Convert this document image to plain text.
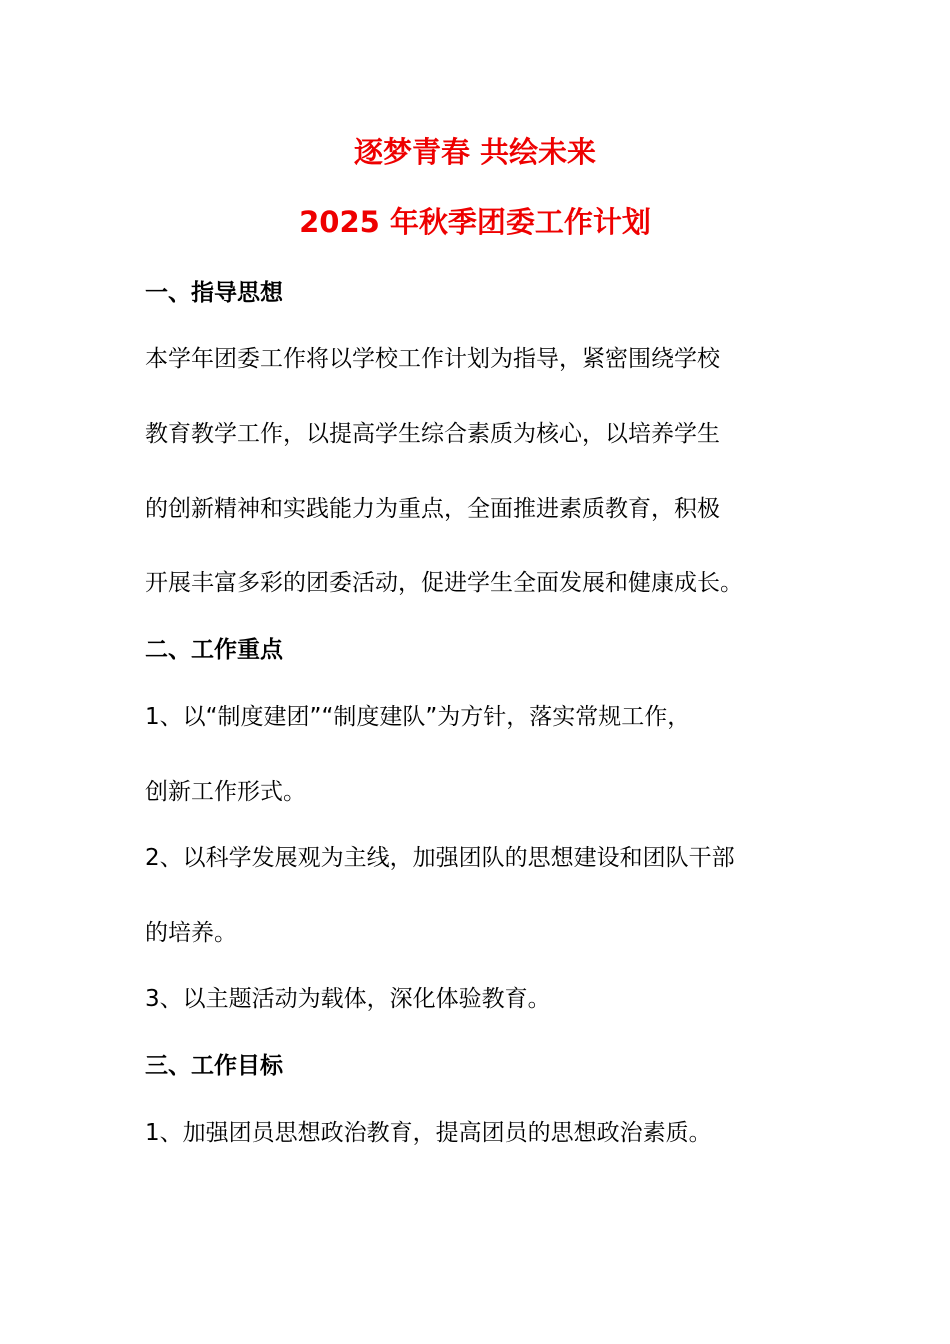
逐梦青春 共绘未来
2025 年秋季团委工作计划
一、指导思想
本学年团委工作将以学校工作计划为指导，紧密围绕学校
教育教学工作，以提高学生综合素质为核心，以培养学生
的创新精神和实践能力为重点，全面推进素质教育，积极
开展丰富多彩的团委活动，促进学生全面发展和健康成长。
二、工作重点
1、以“制度建团”“制度建队”为方针，落实常规工作，
创新工作形式。
2、以科学发展观为主线，加强团队的思想建设和团队干部
的培养。
3、以主题活动为载体，深化体验教育。
三、工作目标
1、加强团员思想政治教育，提高团员的思想政治素质。
